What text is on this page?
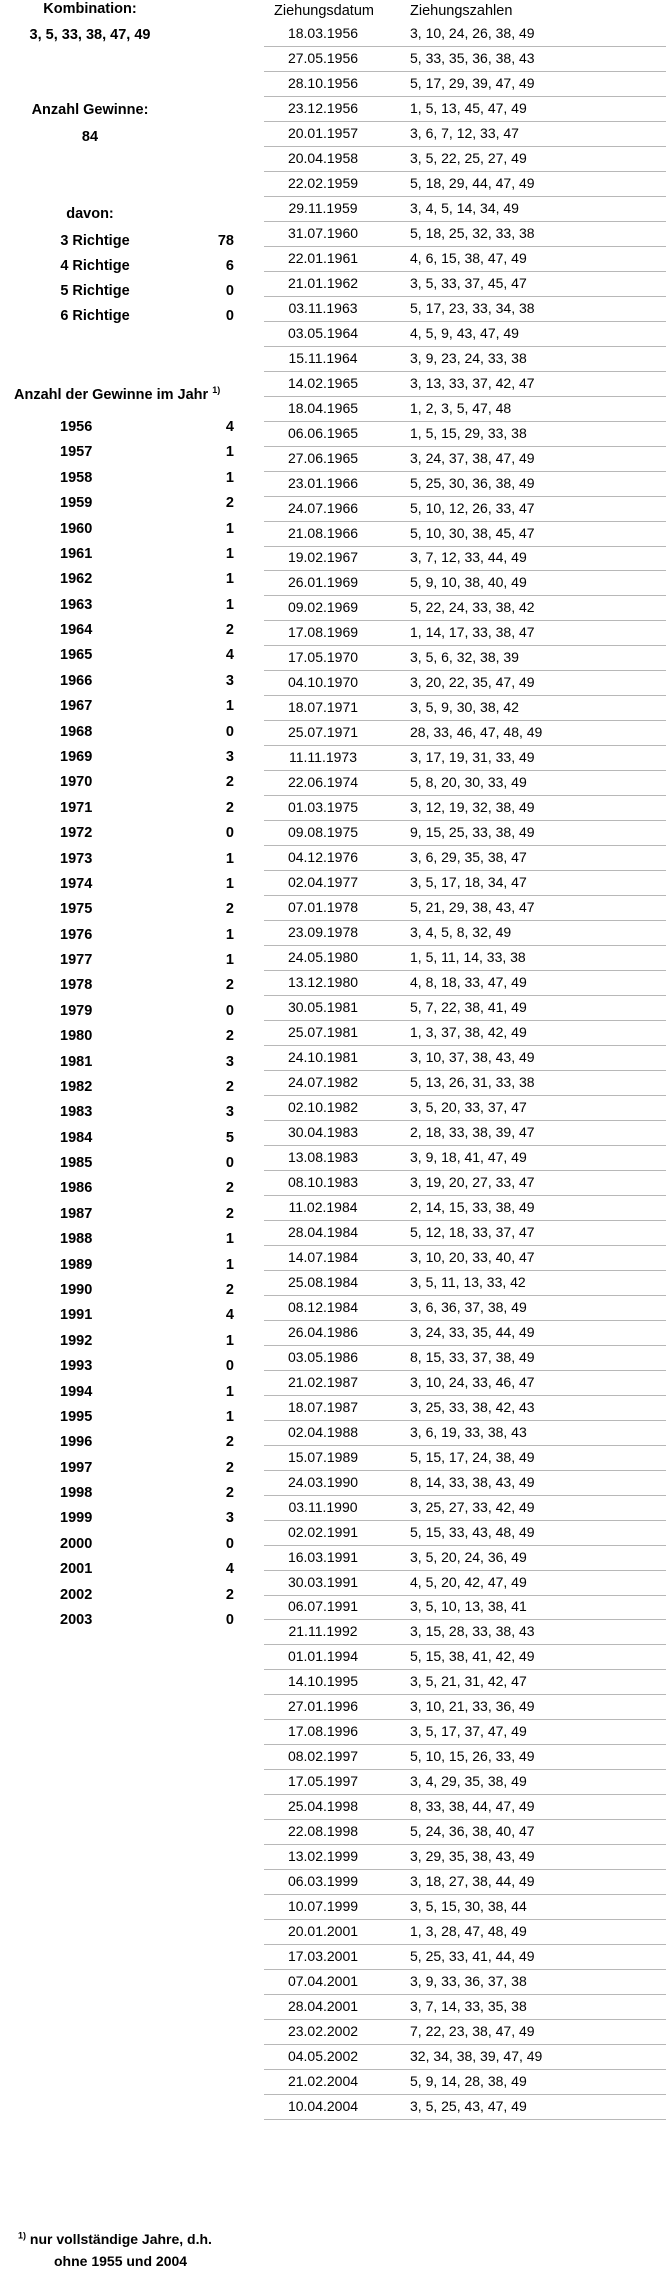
Kombination:
3, 5, 33, 38, 47, 49
Anzahl Gewinne:
84
davon:
3 Richtige	78
4 Richtige	6
5 Richtige	0
6 Richtige	0
Anzahl der Gewinne im Jahr $^{1)}$
1956	4
1957	1
1958	1
1959	2
1960	1
1961	1
1962	1
1963	1
1964	2
1965	4
1966	3
1967	1
1968	0
1969	3
1970	2
1971	2
1972	0
1973	1
1974	1
1975	2
1976	1
1977	1
1978	2
1979	0
1980	2
1981	3
1982	2
1983	3
1984	5
1985	0
1986	2
1987	2
1988	1
1989	1
1990	2
1991	4
1992	1
1993	0
1994	1
1995	1
1996	2
1997	2
1998	2
1999	3
2000	0
2001	4
2002	2
2003	0
Ziehungsdatum	Ziehungszahlen
18.03.1956	3, 10, 24, 26, 38, 49
27.05.1956	5, 33, 35, 36, 38, 43
28.10.1956	5, 17, 29, 39, 47, 49
23.12.1956	1, 5, 13, 45, 47, 49
20.01.1957	3, 6, 7, 12, 33, 47
20.04.1958	3, 5, 22, 25, 27, 49
22.02.1959	5, 18, 29, 44, 47, 49
29.11.1959	3, 4, 5, 14, 34, 49
31.07.1960	5, 18, 25, 32, 33, 38
22.01.1961	4, 6, 15, 38, 47, 49
21.01.1962	3, 5, 33, 37, 45, 47
03.11.1963	5, 17, 23, 33, 34, 38
03.05.1964	4, 5, 9, 43, 47, 49
15.11.1964	3, 9, 23, 24, 33, 38
14.02.1965	3, 13, 33, 37, 42, 47
18.04.1965	1, 2, 3, 5, 47, 48
06.06.1965	1, 5, 15, 29, 33, 38
27.06.1965	3, 24, 37, 38, 47, 49
23.01.1966	5, 25, 30, 36, 38, 49
24.07.1966	5, 10, 12, 26, 33, 47
21.08.1966	5, 10, 30, 38, 45, 47
19.02.1967	3, 7, 12, 33, 44, 49
26.01.1969	5, 9, 10, 38, 40, 49
09.02.1969	5, 22, 24, 33, 38, 42
17.08.1969	1, 14, 17, 33, 38, 47
17.05.1970	3, 5, 6, 32, 38, 39
04.10.1970	3, 20, 22, 35, 47, 49
18.07.1971	3, 5, 9, 30, 38, 42
25.07.1971	28, 33, 46, 47, 48, 49
11.11.1973	3, 17, 19, 31, 33, 49
22.06.1974	5, 8, 20, 30, 33, 49
01.03.1975	3, 12, 19, 32, 38, 49
09.08.1975	9, 15, 25, 33, 38, 49
04.12.1976	3, 6, 29, 35, 38, 47
02.04.1977	3, 5, 17, 18, 34, 47
07.01.1978	5, 21, 29, 38, 43, 47
23.09.1978	3, 4, 5, 8, 32, 49
24.05.1980	1, 5, 11, 14, 33, 38
13.12.1980	4, 8, 18, 33, 47, 49
30.05.1981	5, 7, 22, 38, 41, 49
25.07.1981	1, 3, 37, 38, 42, 49
24.10.1981	3, 10, 37, 38, 43, 49
24.07.1982	5, 13, 26, 31, 33, 38
02.10.1982	3, 5, 20, 33, 37, 47
30.04.1983	2, 18, 33, 38, 39, 47
13.08.1983	3, 9, 18, 41, 47, 49
08.10.1983	3, 19, 20, 27, 33, 47
11.02.1984	2, 14, 15, 33, 38, 49
28.04.1984	5, 12, 18, 33, 37, 47
14.07.1984	3, 10, 20, 33, 40, 47
25.08.1984	3, 5, 11, 13, 33, 42
08.12.1984	3, 6, 36, 37, 38, 49
26.04.1986	3, 24, 33, 35, 44, 49
03.05.1986	8, 15, 33, 37, 38, 49
21.02.1987	3, 10, 24, 33, 46, 47
18.07.1987	3, 25, 33, 38, 42, 43
02.04.1988	3, 6, 19, 33, 38, 43
15.07.1989	5, 15, 17, 24, 38, 49
24.03.1990	8, 14, 33, 38, 43, 49
03.11.1990	3, 25, 27, 33, 42, 49
02.02.1991	5, 15, 33, 43, 48, 49
16.03.1991	3, 5, 20, 24, 36, 49
30.03.1991	4, 5, 20, 42, 47, 49
06.07.1991	3, 5, 10, 13, 38, 41
21.11.1992	3, 15, 28, 33, 38, 43
01.01.1994	5, 15, 38, 41, 42, 49
14.10.1995	3, 5, 21, 31, 42, 47
27.01.1996	3, 10, 21, 33, 36, 49
17.08.1996	3, 5, 17, 37, 47, 49
08.02.1997	5, 10, 15, 26, 33, 49
17.05.1997	3, 4, 29, 35, 38, 49
25.04.1998	8, 33, 38, 44, 47, 49
22.08.1998	5, 24, 36, 38, 40, 47
13.02.1999	3, 29, 35, 38, 43, 49
06.03.1999	3, 18, 27, 38, 44, 49
10.07.1999	3, 5, 15, 30, 38, 44
20.01.2001	1, 3, 28, 47, 48, 49
17.03.2001	5, 25, 33, 41, 44, 49
07.04.2001	3, 9, 33, 36, 37, 38
28.04.2001	3, 7, 14, 33, 35, 38
23.02.2002	7, 22, 23, 38, 47, 49
04.05.2002	32, 34, 38, 39, 47, 49
21.02.2004	5, 9, 14, 28, 38, 49
10.04.2004	3, 5, 25, 43, 47, 49
$^{1)}$ nur vollständige Jahre, d.h.
ohne 1955 und 2004
